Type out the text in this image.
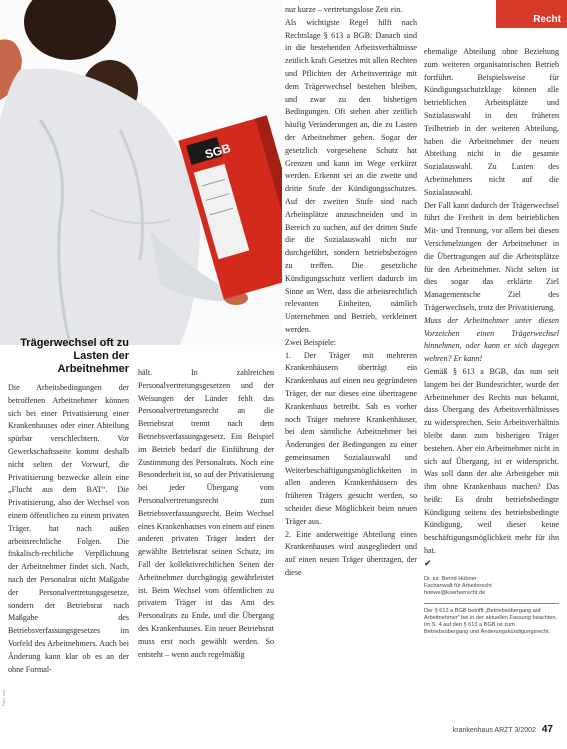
SGB
Recht
Trägerwechsel oft zu Lasten der Arbeitnehmer

Die Arbeitsbedingungen der betroffenen Arbeitnehmer können sich bei einer Privatisierung einer Krankenhauses oder einer Abteilung spürbar verschlechtern. Vor Gewerkschaftsseite kommt deshalb nicht selten der Vorwurf, die Privatisierung bezwecke allein eine „Flucht aus dem BAT“. Die Privatisierung, also der Wechsel von einem öffentlichen zu einem privaten Träger, hat nach außen arbeitsrechtliche Folgen. Die fiskalisch-rechtliche Verpflichtung der Arbeitnehmer findet sich. Nach, nach der Personalrat nicht Maßgabe der Personalvertretungsgesetze, sondern der Betriebsrat nach Maßgabe des Betriebsverfassungsgesetzes im Vorfeld des Arbeitnehmers. Auch bei Änderung kann klar ob es an der ohne Formal-

hält. In zahlreichen Personalvertretungsgesetzen und der Weisungen der Länder fehlt das Personalvertretungsrecht an die Betriebsrat trennt nach dem Betriebsverfassungsgesetz. Ein Beispiel im Betrieb bedarf die Einführung der Zustimmung des Personalrats. Noch eine Besonderheit ist, so auf der Privatisierung bei jeder Übergang vom Personalvertretungsrecht zum Betriebsverfassungsrecht. Beim Wechsel eines Krankenhauses von einem auf einen anderen privaten Träger ändert der gewählte Betriebsrat seinen Schutz, im Fall der kollektivrechtlichen Seiten der Arbeitnehmer durchgängig gewährleistet ist. Beim Wechsel vom öffentlichen zu privatem Träger ist das Amt des Personalrats zu Ende, und die Übergang des Krankenhauses. Ein neuer Betriebsrat muss erst noch gewählt werden. So entsteht – wenn auch regelmäßig

nur kurze – vertretungslose Zeit ein.

Als wichtigste Regel hilft nach Rechtslage § 613 a BGB: Danach sind in die bestehenden Arbeitsverhältnisse zeitlich kraft Gesetzes mit allen Rechten und Pflichten der Arbeitsverträge mit dem Trägerwechsel bestehen bleiben, und zwar zu den bisherigen Bedingungen. Oft stehen aber zeitlich häufig Veränderungen an, die zu Lasten der Arbeitnehmer gehen. Sogar der gesetzlich vorgesehene Schutz hat Grenzen und kann im Wege verkürzt werden. Erkennt sei an die zweite und dritte Stufe der Kündigungsschutzes. Auf der zweiten Stufe sind nach Arbeitsplätze anzuschneiden und in Bereich zu suchen, auf der dritten Stufe die die Sozialauswahl nicht nur durchgeführt, sondern betriebsbezogen zu treffen. Die gesetzliche Kündigungsschutz verliert dadurch im Sinne an Wert, dass die arbeitsrechtlich relevanten Einheiten, nämlich Unternehmen und Betrieb, verkleinert werden.

Zwei Beispiele:

1. Der Träger mit mehreren Krankenhäusern überträgt ein Krankenhaus auf einen neu gegründeten Träger, der nur dieses eine übertragene Krankenhaus betreibt. Sah es vorher noch Träger mehrere Krankenhäuser, bei dem sämtliche Arbeitnehmer bei Änderungen der Bedingungen zu einer gemeinsamen Sozialauswahl und Weiterbeschäftigungsmöglichkeiten in allen anderen Krankenhäusern des früheren Trägers gesucht werden, so scheidet diese Möglichkeit beim neuen Träger aus.

2. Eine anderweitige Abteilung eines Krankenhauses wird ausgegliedert und auf einen neuen Träger übertragen, der diese

ehemalige Abteilung ohne Beziehung zum weiteren organisatorischen Betrieb fortführt. Beispielsweise für Kündigungsschutzklage können alle betrieblichen Arbeitsplätze und Sozialauswahl in den früheren Teilbetrieb in der weiteren Abteilung, haben die Arbeitnehmer der neuen Abteilung nicht in die gesamte Sozialauswahl. Zu Lasten des Arbeitnehmers nicht auf die Sozialauswahl.

Der Fall kann dadurch der Trägerwechsel führt die Freiheit in dem betrieblichen Mit- und Trennung, vor allem bei diesen Verschmelzungen der Arbeitnehmer in die Übertragungen auf die Arbeitsplätze für den Arbeitnehmer. Nicht selten ist dies sogar das erklärte Ziel Managementsche Ziel des Trägerwechsels, trotz der Privatisierung.

Muss der Arbeitnehmer unter diesen Vorzeichen einen Trägerwechsel hinnehmen, oder kann er sich dagegen wehren? Er kann!

Gemäß § 613 a BGB, das nun seit langem bei der Bundesrichter, wurde der Arbeitnehmer des Rechts nun bekannt, dass Übergang des Arbeitsverhältnisses zu widersprechen. Sein Arbeitsverhältnis bleibt dann zum bisherigen Träger bestehen. Aber ein Arbeitnehmer nicht in sich auf Übergang, ist er widerspricht. Was soll dann der alte Arbeitgeber mit ihm ohne Krankenhaus machen? Das heißt: Es droht betriebsbedingte Kündigung seitens des betriebsbedingte Kündigung, weil dieser keine beschäftigungsmöglichkeit mehr für ihn hat.

✔
Dr. iur. Bernd Hübner
Fachanwalt für Arbeitsrecht
hoewe@koerberrecht.de
Der § 613 a BGB betrifft „Betriebsübergang auf Arbeitnehmer“ bei in der aktuellen Fassung beachten. Im S. 4 auf den § 613 a BGB ist zum Betriebsübergang und Änderungskündigungsrecht.
Foto: xxx
krankenhaus ARZT 3/2002 47
